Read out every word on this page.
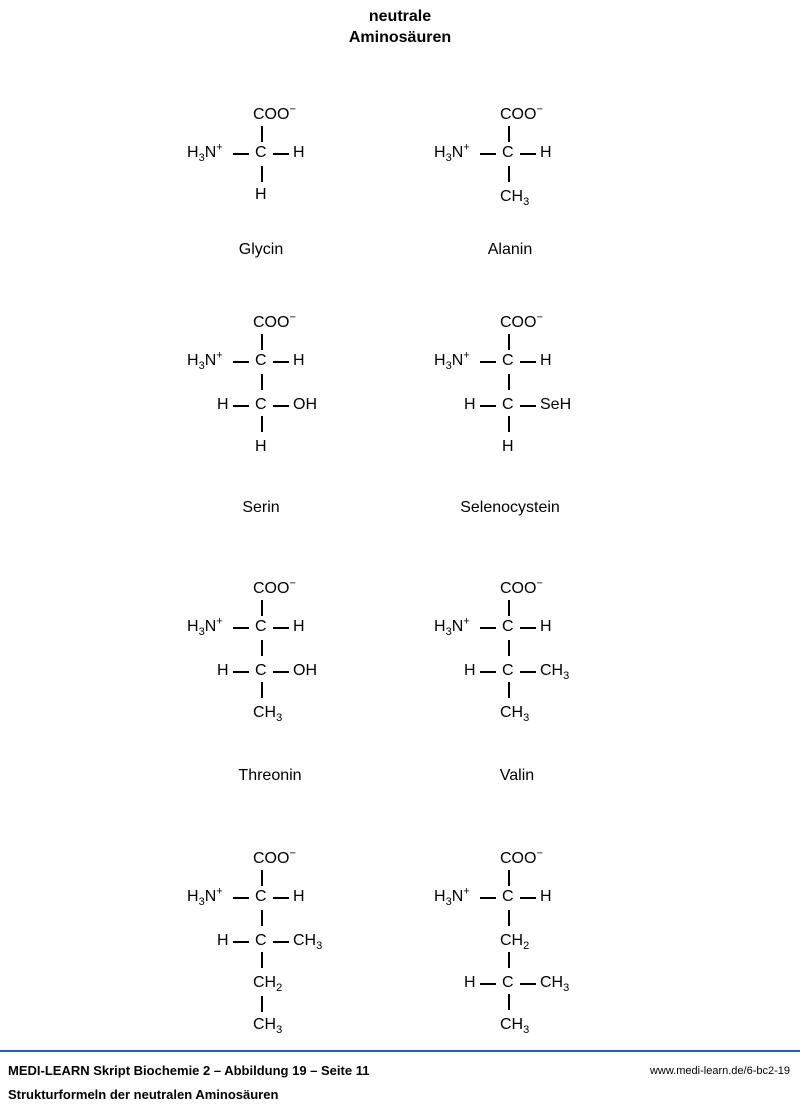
neutrale
Aminosäuren
COO−
$H_3N^+$ C H
H
COO−
$H_3N^+$ C H
$CH_3$
COO−
$H_3N^+$ C H
H C OH
H
COO−
$H_3N^+$ C H
H C SeH
H
COO−
$H_3N^+$ C H
H C OH
$CH_3$
COO−
$H_3N^+$ C H
H C $CH_3$
$CH_3$
COO−
$H_3N^+$ C H
H C $CH_3$
$CH_2$
$CH_3$
COO−
$H_3N^+$ C H
$CH_2$
H C $CH_3$
$CH_3$
Glycin	Alanin
Serin	Selenocystein
Threonin	Valin
MEDI-LEARN Skript Biochemie 2 – Abbildung 19 – Seite 11
Strukturformeln der neutralen Aminosäuren
www.medi-learn.de/6-bc2-19
